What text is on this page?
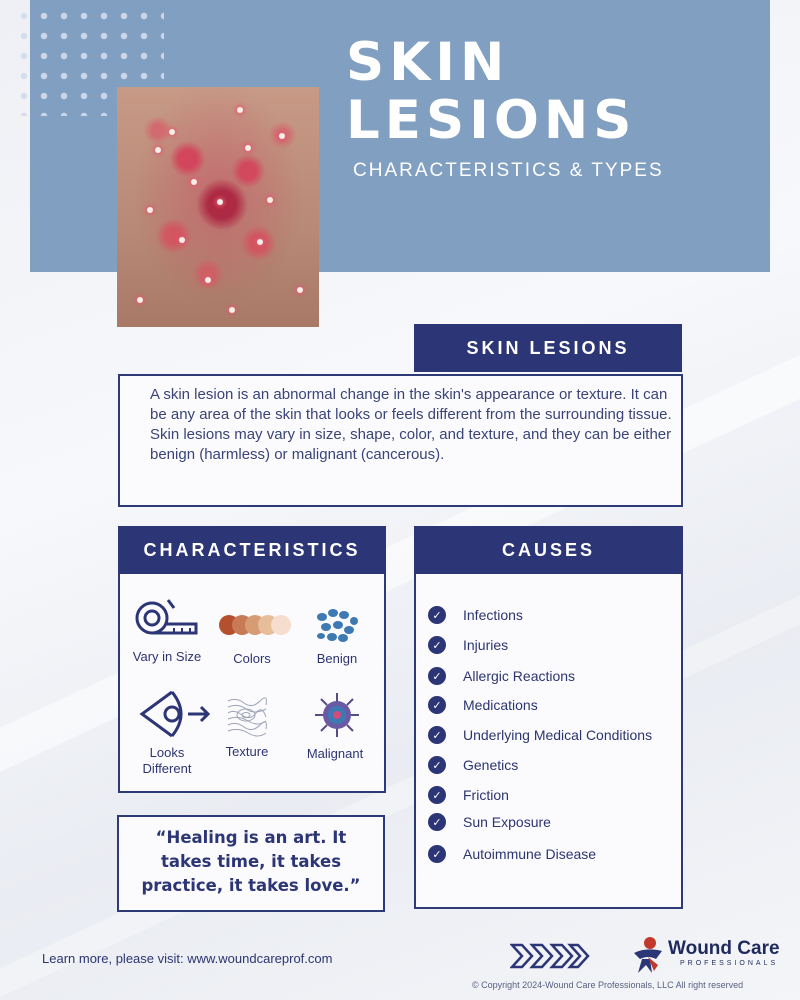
SKIN
LESIONS
CHARACTERISTICS & TYPES
SKIN LESIONS

A skin lesion is an abnormal change in the skin's appearance or texture. It can be any area of the skin that looks or feels different from the surrounding tissue. Skin lesions may vary in size, shape, color, and texture, and they can be either benign (harmless) or malignant (cancerous).

CHARACTERISTICS
Vary in Size	Colors	Benign
Looks Different
Texture	Malignant
CAUSES
✓	Infections
✓	Injuries
✓	Allergic Reactions
✓	Medications
✓	Underlying Medical Conditions
✓	Genetics
✓	Friction
✓	Sun Exposure
✓	Autoimmune Disease
“Healing is an art. It takes time, it takes practice, it takes love.”
Learn more, please visit: www.woundcareprof.com	Wound Care
PROFESSIONALS
© Copyright 2024-Wound Care Professionals, LLC All right reserved
